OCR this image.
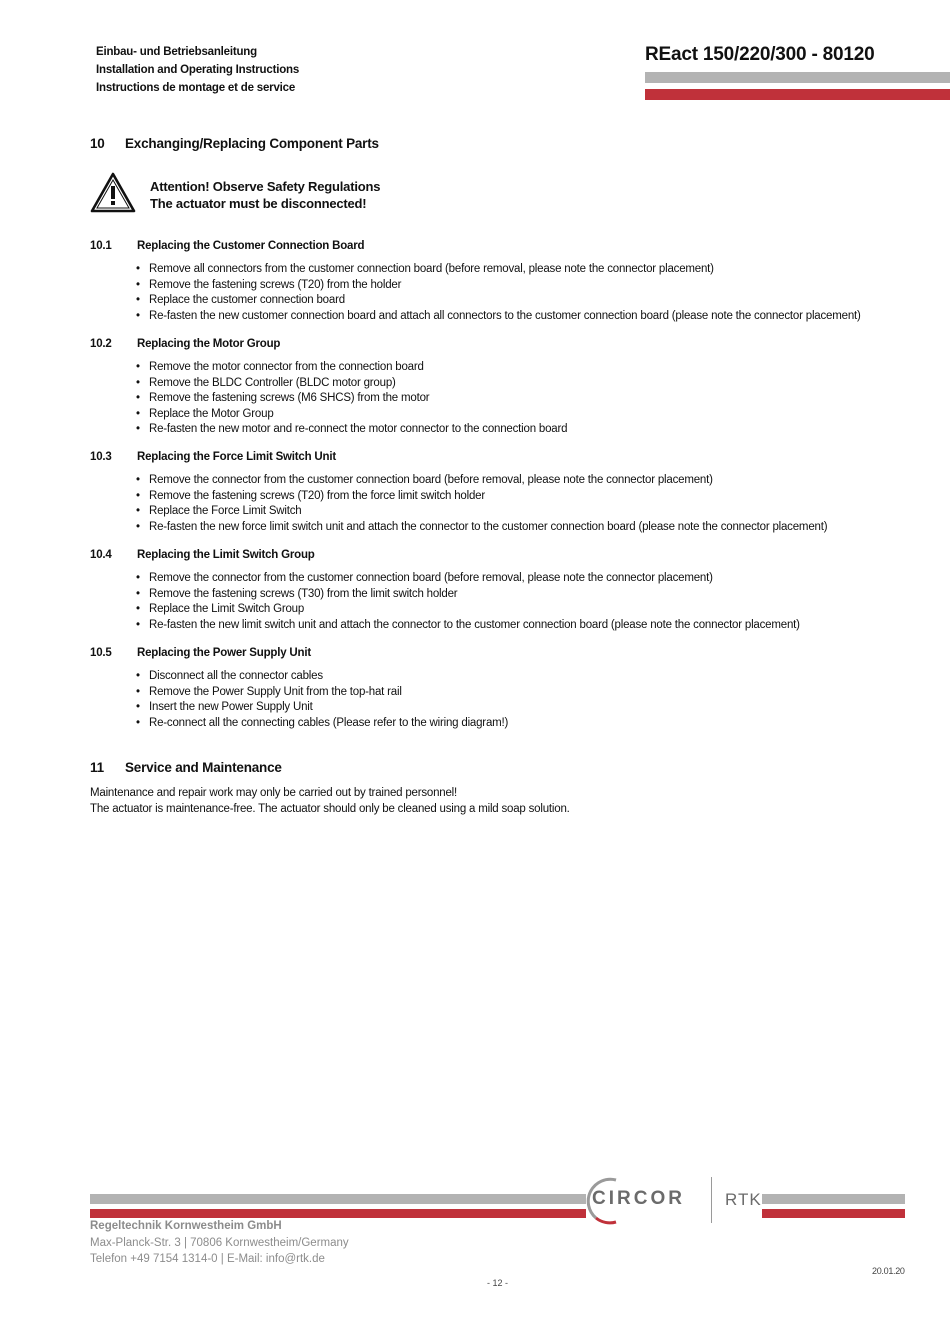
Einbau- und Betriebsanleitung
Installation and Operating Instructions
Instructions de montage et de service
REact 150/220/300 - 80120
10 Exchanging/Replacing Component Parts
Attention! Observe Safety Regulations
The actuator must be disconnected!
10.1 Replacing the Customer Connection Board
• Remove all connectors from the customer connection board (before removal, please note the connector placement)
• Remove the fastening screws (T20) from the holder
• Replace the customer connection board
• Re-fasten the new customer connection board and attach all connectors to the customer connection board (please note the connector placement)
10.2 Replacing the Motor Group
• Remove the motor connector from the connection board
• Remove the BLDC Controller (BLDC motor group)
• Remove the fastening screws (M6 SHCS) from the motor
• Replace the Motor Group
• Re-fasten the new motor and re-connect the motor connector to the connection board
10.3 Replacing the Force Limit Switch Unit
• Remove the connector from the customer connection board (before removal, please note the connector placement)
• Remove the fastening screws (T20) from the force limit switch holder
• Replace the Force Limit Switch
• Re-fasten the new force limit switch unit and attach the connector to the customer connection board (please note the connector placement)
10.4 Replacing the Limit Switch Group
• Remove the connector from the customer connection board (before removal, please note the connector placement)
• Remove the fastening screws (T30) from the limit switch holder
• Replace the Limit Switch Group
• Re-fasten the new limit switch unit and attach the connector to the customer connection board (please note the connector placement)
10.5 Replacing the Power Supply Unit
• Disconnect all the connector cables
• Remove the Power Supply Unit from the top-hat rail
• Insert the new Power Supply Unit
• Re-connect all the connecting cables (Please refer to the wiring diagram!)
11 Service and Maintenance
Maintenance and repair work may only be carried out by trained personnel!
The actuator is maintenance-free. The actuator should only be cleaned using a mild soap solution.
CIRCOR RTK
Regeltechnik Kornwestheim GmbH
Max-Planck-Str. 3 | 70806 Kornwestheim/Germany
Telefon +49 7154 1314-0 | E-Mail: info@rtk.de
20.01.20
- 12 -
